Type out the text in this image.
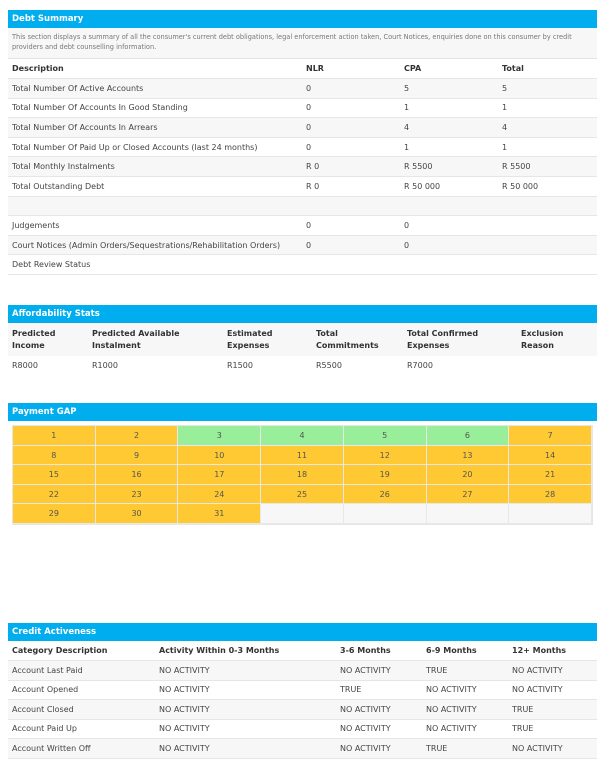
Debt Summary
This section displays a summary of all the consumer's current debt obligations, legal enforcement action taken, Court Notices, enquiries done on this consumer by credit providers and debt counselling information.
Description	NLR	CPA	Total
Total Number Of Active Accounts	0	5	5
Total Number Of Accounts In Good Standing	0	1	1
Total Number Of Accounts In Arrears	0	4	4
Total Number Of Paid Up or Closed Accounts (last 24 months)	0	1	1
Total Monthly Instalments	R 0	R 5500	R 5500
Total Outstanding Debt	R 0	R 50 000	R 50 000

Judgements	0	0	
Court Notices (Admin Orders/Sequestrations/Rehabilitation Orders)	0	0	
Debt Review Status			
Affordability Stats
Predicted Income	Predicted Available Instalment	Estimated Expenses	Total Commitments	Total Confirmed Expenses	Exclusion Reason
R8000	R1000	R1500	R5500	R7000	
Payment GAP
1	2	3	4	5	6	7
8	9	10	11	12	13	14
15	16	17	18	19	20	21
22	23	24	25	26	27	28
29	30	31
Credit Activeness
Category Description	Activity Within 0-3 Months	3-6 Months	6-9 Months	12+ Months
Account Last Paid	NO ACTIVITY	NO ACTIVITY	TRUE	NO ACTIVITY
Account Opened	NO ACTIVITY	TRUE	NO ACTIVITY	NO ACTIVITY
Account Closed	NO ACTIVITY	NO ACTIVITY	NO ACTIVITY	TRUE
Account Paid Up	NO ACTIVITY	NO ACTIVITY	NO ACTIVITY	TRUE
Account Written Off	NO ACTIVITY	NO ACTIVITY	TRUE	NO ACTIVITY
